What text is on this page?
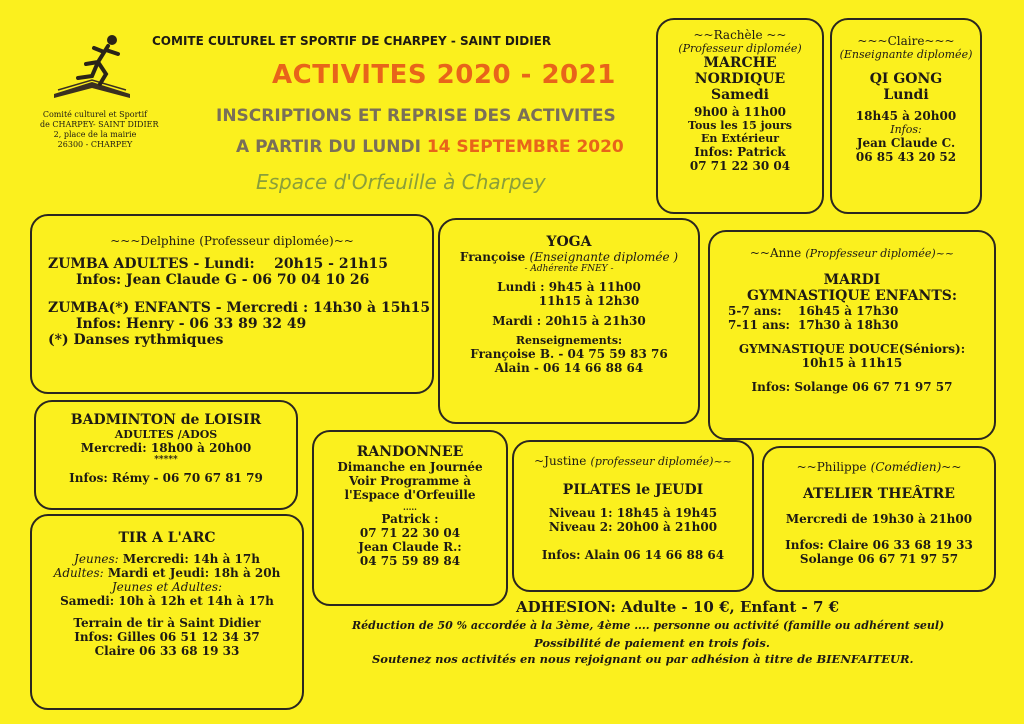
Comité culturel et Sportif
de CHARPEY- SAINT DIDIER
2, place de la mairie
26300 - CHARPEY
COMITE CULTUREL ET SPORTIF DE CHARPEY - SAINT DIDIER
ACTIVITES 2020 - 2021
INSCRIPTIONS ET REPRISE DES ACTIVITES
A PARTIR DU LUNDI 14 SEPTEMBRE 2020
Espace d'Orfeuille à Charpey
~~Rachèle ~~
(Professeur diplomée)
MARCHE
NORDIQUE
Samedi
9h00 à 11h00
Tous les 15 jours
En Extérieur
Infos: Patrick
07 71 22 30 04
~~~Claire~~~
(Enseignante diplomée)
QI GONG
Lundi
18h45 à 20h00
Infos:
Jean Claude C.
06 85 43 20 52
~~~Delphine (Professeur diplomée)~~
ZUMBA ADULTES - Lundi: 20h15 - 21h15
Infos: Jean Claude G - 06 70 04 10 26
ZUMBA(*) ENFANTS - Mercredi : 14h30 à 15h15
Infos: Henry - 06 33 89 32 49
(*) Danses rythmiques
YOGA
Françoise (Enseignante diplomée )
- Adhérente FNEY -
Lundi : 9h45 à 11h00
11h15 à 12h30
Mardi : 20h15 à 21h30
Renseignements:
Françoise B. - 04 75 59 83 76
Alain - 06 14 66 88 64
~~Anne (Propfesseur diplomée)~~
MARDI
GYMNASTIQUE ENFANTS:
5-7 ans: 16h45 à 17h30
7-11 ans: 17h30 à 18h30
GYMNASTIQUE DOUCE(Séniors):
10h15 à 11h15
Infos: Solange 06 67 71 97 57
BADMINTON de LOISIR
ADULTES /ADOS
Mercredi: 18h00 à 20h00
*****
Infos: Rémy - 06 70 67 81 79
TIR A L'ARC
Jeunes: Mercredi: 14h à 17h
Adultes: Mardi et Jeudi: 18h à 20h
Jeunes et Adultes:
Samedi: 10h à 12h et 14h à 17h
Terrain de tir à Saint Didier
Infos: Gilles 06 51 12 34 37
Claire 06 33 68 19 33
RANDONNEE
Dimanche en Journée
Voir Programme à
l'Espace d'Orfeuille
.....
Patrick :
07 71 22 30 04
Jean Claude R.:
04 75 59 89 84
~Justine (professeur diplomée)~~
PILATES le JEUDI
Niveau 1: 18h45 à 19h45
Niveau 2: 20h00 à 21h00
Infos: Alain 06 14 66 88 64
~~Philippe (Comédien)~~
ATELIER THEÂTRE
Mercredi de 19h30 à 21h00
Infos: Claire 06 33 68 19 33
Solange 06 67 71 97 57
ADHESION: Adulte - 10 €, Enfant - 7 €
Réduction de 50 % accordée à la 3ème, 4ème .... personne ou activité (famille ou adhérent seul)
Possibilité de paiement en trois fois.
Soutenez nos activités en nous rejoignant ou par adhésion à titre de BIENFAITEUR.
